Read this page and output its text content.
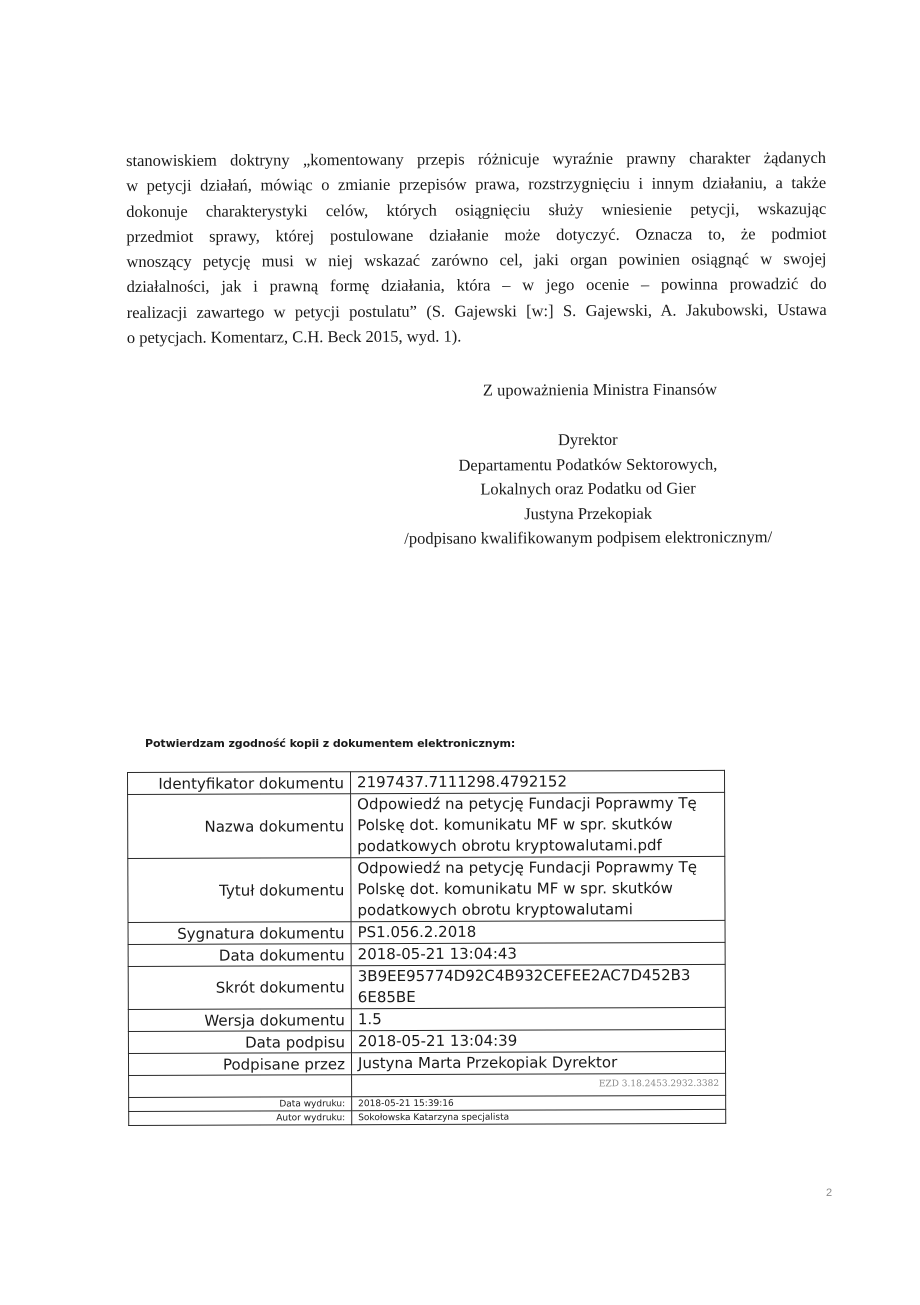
stanowiskiem doktryny „komentowany przepis różnicuje wyraźnie prawny charakter żądanych
w petycji działań, mówiąc o zmianie przepisów prawa, rozstrzygnięciu i innym działaniu, a także
dokonuje charakterystyki celów, których osiągnięciu służy wniesienie petycji, wskazując
przedmiot sprawy, której postulowane działanie może dotyczyć. Oznacza to, że podmiot
wnoszący petycję musi w niej wskazać zarówno cel, jaki organ powinien osiągnąć w swojej
działalności, jak i prawną formę działania, która – w jego ocenie – powinna prowadzić do
realizacji zawartego w petycji postulatu” (S. Gajewski [w:] S. Gajewski, A. Jakubowski, Ustawa
o petycjach. Komentarz, C.H. Beck 2015, wyd. 1).
Z upoważnienia Ministra Finansów
Dyrektor
Departamentu Podatków Sektorowych,
Lokalnych oraz Podatku od Gier
Justyna Przekopiak
/podpisano kwalifikowanym podpisem elektronicznym/
Potwierdzam zgodność kopii z dokumentem elektronicznym:
Identyfikator dokumentu	2197437.7111298.4792152

Nazwa dokumentu	Odpowiedź na petycję Fundacji Poprawmy Tę
Polskę dot. komunikatu MF w spr. skutków
podatkowych obrotu kryptowalutami.pdf

Tytuł dokumentu	Odpowiedź na petycję Fundacji Poprawmy Tę
Polskę dot. komunikatu MF w spr. skutków
podatkowych obrotu kryptowalutami

Sygnatura dokumentu	PS1.056.2.2018

Data dokumentu	2018-05-21 13:04:43

Skrót dokumentu	3B9EE95774D92C4B932CEFEE2AC7D452B3
6E85BE

Wersja dokumentu	1.5

Data podpisu	2018-05-21 13:04:39

Podpisane przez	Justyna Marta Przekopiak Dyrektor

	EZD 3.18.2453.2932.3382

Data wydruku:	2018-05-21 15:39:16
Autor wydruku:	Sokołowska Katarzyna specjalista
2
